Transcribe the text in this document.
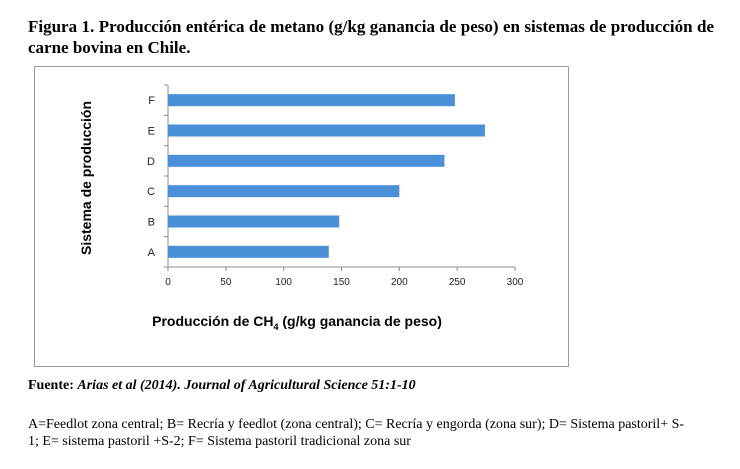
Figura 1. Producción entérica de metano (g/kg ganancia de peso) en sistemas de producción de carne bovina en Chile.

A
B
C
D
E
F
0	50	100	150	200	250	300
Producción de $CH_4$ (g/kg ganancia de peso)
Sistema de producción
Fuente: Arias et al (2014). Journal of Agricultural Science 51:1-10

A=Feedlot zona central; B= Recría y feedlot (zona central); C= Recría y engorda (zona sur); D= Sistema pastoril+ S-1; E= sistema pastoril +S-2; F= Sistema pastoril tradicional zona sur
